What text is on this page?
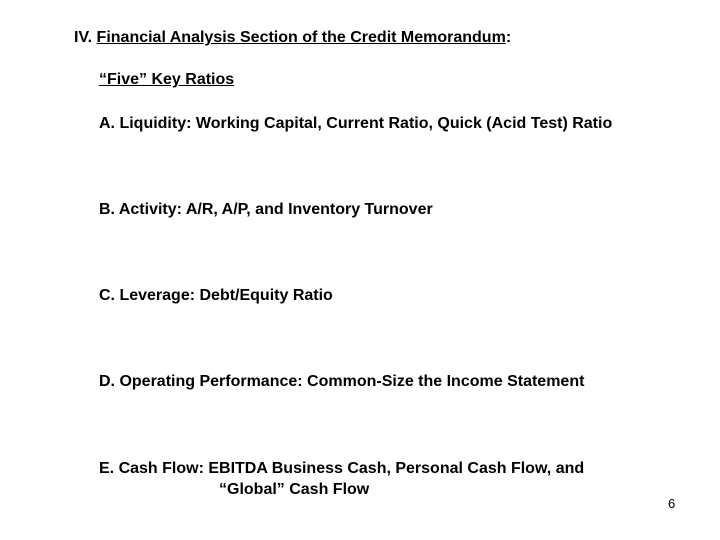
IV. Financial Analysis Section of the Credit Memorandum:
“Five” Key Ratios
A. Liquidity: Working Capital, Current Ratio, Quick (Acid Test) Ratio
B. Activity: A/R, A/P, and Inventory Turnover
C. Leverage: Debt/Equity Ratio
D. Operating Performance: Common-Size the Income Statement
E. Cash Flow: EBITDA Business Cash, Personal Cash Flow, and
“Global” Cash Flow
6
